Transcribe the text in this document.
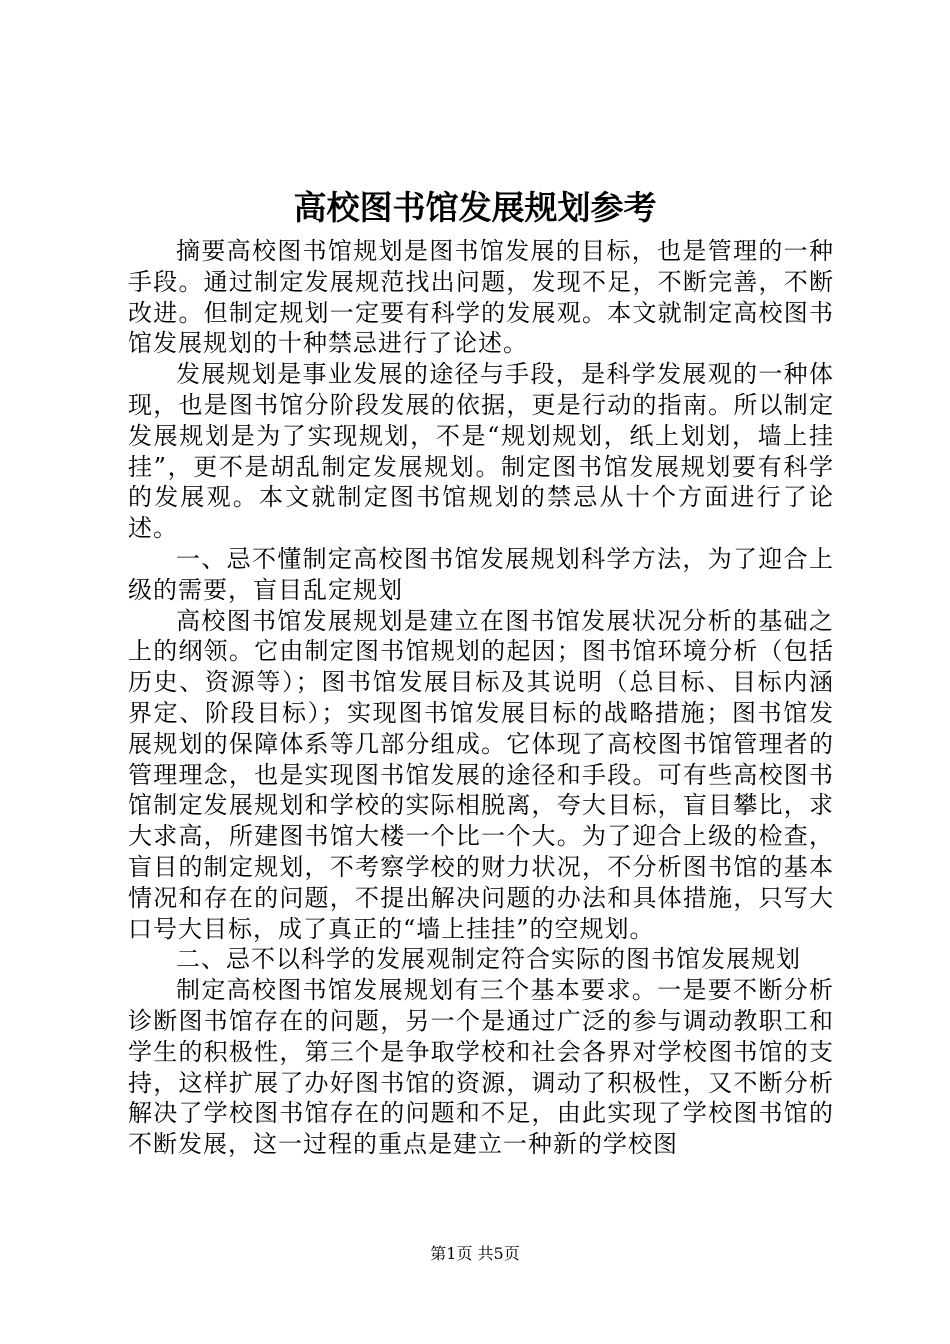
高校图书馆发展规划参考

摘要高校图书馆规划是图书馆发展的目标，也是管理的一种手段。通过制定发展规范找出问题，发现不足，不断完善，不断改进。但制定规划一定要有科学的发展观。本文就制定高校图书馆发展规划的十种禁忌进行了论述。

发展规划是事业发展的途径与手段，是科学发展观的一种体现，也是图书馆分阶段发展的依据，更是行动的指南。所以制定发展规划是为了实现规划，不是“规划规划，纸上划划，墙上挂挂”，更不是胡乱制定发展规划。制定图书馆发展规划要有科学的发展观。本文就制定图书馆规划的禁忌从十个方面进行了论述。

一、忌不懂制定高校图书馆发展规划科学方法，为了迎合上级的需要，盲目乱定规划

高校图书馆发展规划是建立在图书馆发展状况分析的基础之上的纲领。它由制定图书馆规划的起因；图书馆环境分析（包括历史、资源等）；图书馆发展目标及其说明（总目标、目标内涵界定、阶段目标）；实现图书馆发展目标的战略措施；图书馆发展规划的保障体系等几部分组成。它体现了高校图书馆管理者的管理理念，也是实现图书馆发展的途径和手段。可有些高校图书馆制定发展规划和学校的实际相脱离，夸大目标，盲目攀比，求大求高，所建图书馆大楼一个比一个大。为了迎合上级的检查，盲目的制定规划，不考察学校的财力状况，不分析图书馆的基本情况和存在的问题，不提出解决问题的办法和具体措施，只写大口号大目标，成了真正的“墙上挂挂”的空规划。

二、忌不以科学的发展观制定符合实际的图书馆发展规划

制定高校图书馆发展规划有三个基本要求。一是要不断分析诊断图书馆存在的问题，另一个是通过广泛的参与调动教职工和学生的积极性，第三个是争取学校和社会各界对学校图书馆的支持，这样扩展了办好图书馆的资源，调动了积极性，又不断分析解决了学校图书馆存在的问题和不足，由此实现了学校图书馆的不断发展，这一过程的重点是建立一种新的学校图

第1页 共5页
